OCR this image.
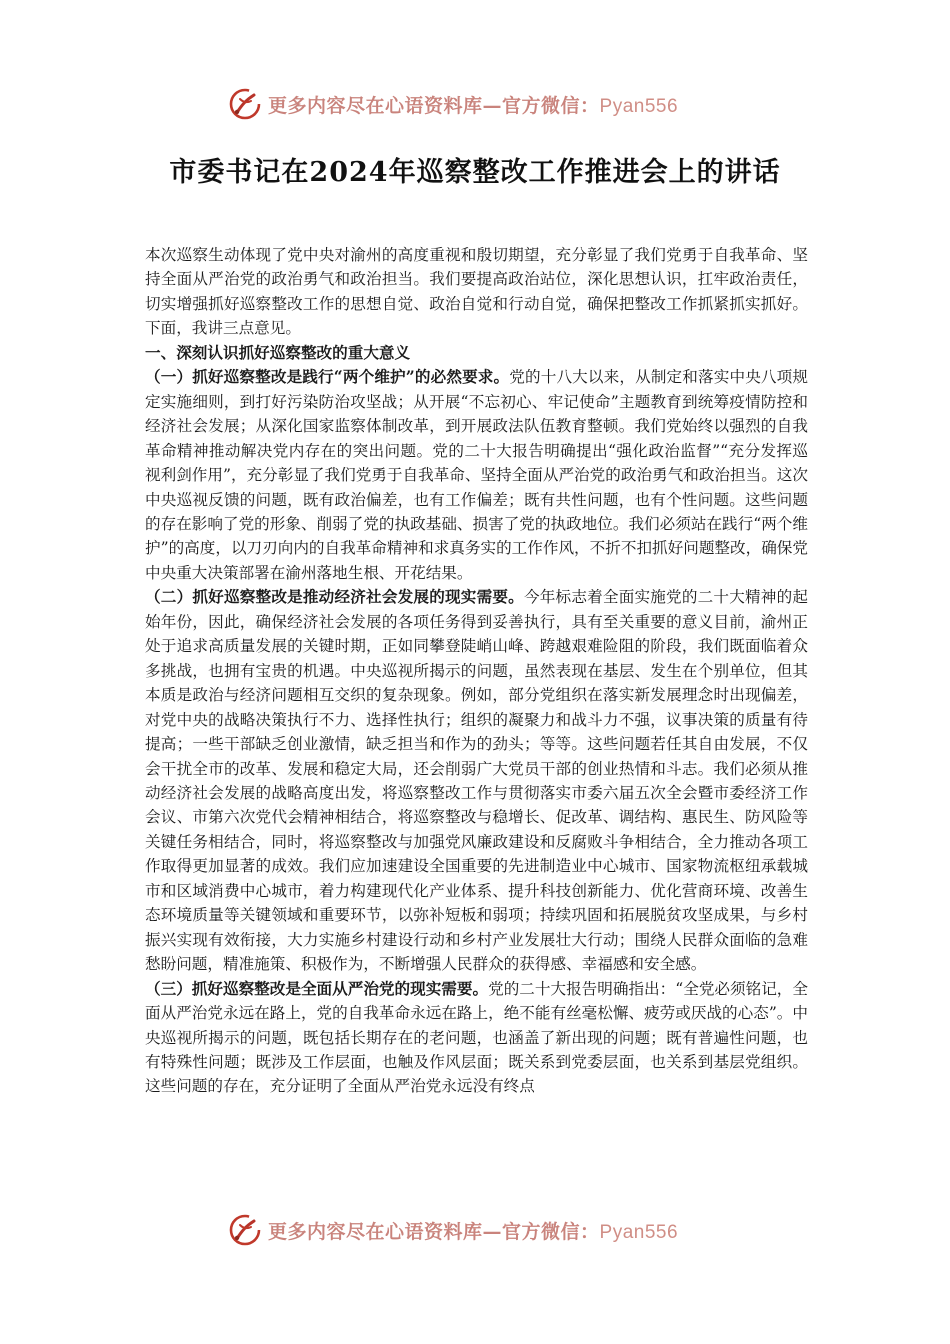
更多内容尽在心语资料库—官方微信：Pyan556
市委书记在2024年巡察整改工作推进会上的讲话

本次巡察生动体现了党中央对渝州的高度重视和殷切期望，充分彰显了我们党勇于自我革命、坚持全面从严治党的政治勇气和政治担当。我们要提高政治站位，深化思想认识，扛牢政治责任，切实增强抓好巡察整改工作的思想自觉、政治自觉和行动自觉，确保把整改工作抓紧抓实抓好。下面，我讲三点意见。

一、深刻认识抓好巡察整改的重大意义

（一）抓好巡察整改是践行“两个维护”的必然要求。党的十八大以来，从制定和落实中央八项规定实施细则，到打好污染防治攻坚战；从开展“不忘初心、牢记使命”主题教育到统筹疫情防控和经济社会发展；从深化国家监察体制改革，到开展政法队伍教育整顿。我们党始终以强烈的自我革命精神推动解决党内存在的突出问题。党的二十大报告明确提出“强化政治监督”“充分发挥巡视利剑作用”，充分彰显了我们党勇于自我革命、坚持全面从严治党的政治勇气和政治担当。这次中央巡视反馈的问题，既有政治偏差，也有工作偏差；既有共性问题，也有个性问题。这些问题的存在影响了党的形象、削弱了党的执政基础、损害了党的执政地位。我们必须站在践行“两个维护”的高度，以刀刃向内的自我革命精神和求真务实的工作作风，不折不扣抓好问题整改，确保党中央重大决策部署在渝州落地生根、开花结果。

（二）抓好巡察整改是推动经济社会发展的现实需要。今年标志着全面实施党的二十大精神的起始年份，因此，确保经济社会发展的各项任务得到妥善执行，具有至关重要的意义目前，渝州正处于追求高质量发展的关键时期，正如同攀登陡峭山峰、跨越艰难险阻的阶段，我们既面临着众多挑战，也拥有宝贵的机遇。中央巡视所揭示的问题，虽然表现在基层、发生在个别单位，但其本质是政治与经济问题相互交织的复杂现象。例如，部分党组织在落实新发展理念时出现偏差，对党中央的战略决策执行不力、选择性执行；组织的凝聚力和战斗力不强，议事决策的质量有待提高；一些干部缺乏创业激情，缺乏担当和作为的劲头；等等。这些问题若任其自由发展，不仅会干扰全市的改革、发展和稳定大局，还会削弱广大党员干部的创业热情和斗志。我们必须从推动经济社会发展的战略高度出发，将巡察整改工作与贯彻落实市委六届五次全会暨市委经济工作会议、市第六次党代会精神相结合，将巡察整改与稳增长、促改革、调结构、惠民生、防风险等关键任务相结合，同时，将巡察整改与加强党风廉政建设和反腐败斗争相结合，全力推动各项工作取得更加显著的成效。我们应加速建设全国重要的先进制造业中心城市、国家物流枢纽承载城市和区域消费中心城市，着力构建现代化产业体系、提升科技创新能力、优化营商环境、改善生态环境质量等关键领域和重要环节，以弥补短板和弱项；持续巩固和拓展脱贫攻坚成果，与乡村振兴实现有效衔接，大力实施乡村建设行动和乡村产业发展壮大行动；围绕人民群众面临的急难愁盼问题，精准施策、积极作为，不断增强人民群众的获得感、幸福感和安全感。

（三）抓好巡察整改是全面从严治党的现实需要。党的二十大报告明确指出：“全党必须铭记，全面从严治党永远在路上，党的自我革命永远在路上，绝不能有丝毫松懈、疲劳或厌战的心态”。中央巡视所揭示的问题，既包括长期存在的老问题，也涵盖了新出现的问题；既有普遍性问题，也有特殊性问题；既涉及工作层面，也触及作风层面；既关系到党委层面，也关系到基层党组织。这些问题的存在，充分证明了全面从严治党永远没有终点

更多内容尽在心语资料库—官方微信：Pyan556
